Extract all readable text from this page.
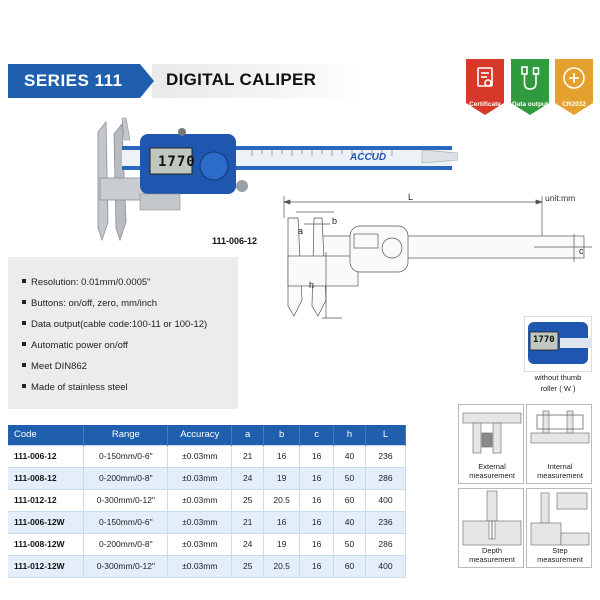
SERIES 111	DIGITAL CALIPER
Certificate	Data output	CR2032
1770	ACCUD
111-006-12
L
a
b
h
c
unit:mm
Resolution: 0.01mm/0.0005"
Buttons: on/off, zero, mm/inch
Data output(cable code:100-11 or 100-12)
Automatic power on/off
Meet DIN862
Made of stainless steel
1770
without thumb
roller ( W )
Code	Range	Accuracy	a	b	c	h	L
111-006-12	0-150mm/0-6"	±0.03mm	21	16	16	40	236
111-008-12	0-200mm/0-8"	±0.03mm	24	19	16	50	286
111-012-12	0-300mm/0-12"	±0.03mm	25	20.5	16	60	400
111-006-12W	0-150mm/0-6"	±0.03mm	21	16	16	40	236
111-008-12W	0-200mm/0-8"	±0.03mm	24	19	16	50	286
111-012-12W	0-300mm/0-12"	±0.03mm	25	20.5	16	60	400
External
measurement
Internal
measurement
Depth
measurement
Step
measurement
